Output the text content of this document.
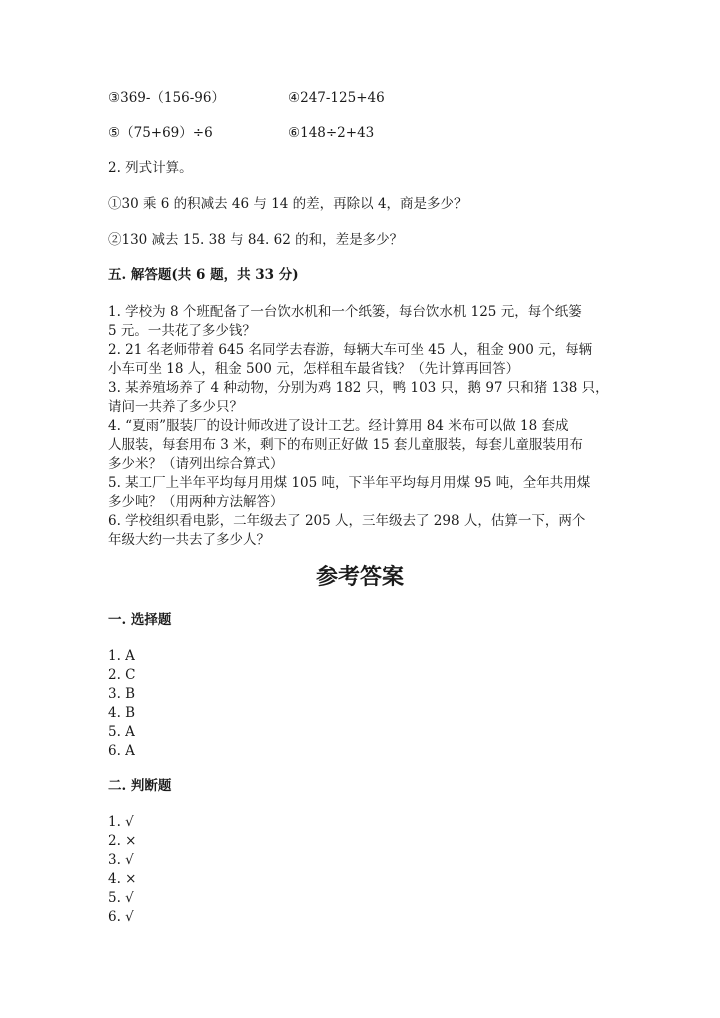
③369-（156-96）	④247-125+46
⑤（75+69）÷6	⑥148÷2+43
2. 列式计算。
①30 乘 6 的积减去 46 与 14 的差，再除以 4，商是多少？
②130 减去 15. 38 与 84. 62 的和，差是多少？
五. 解答题(共 6 题，共 33 分)
1. 学校为 8 个班配备了一台饮水机和一个纸篓，每台饮水机 125 元，每个纸篓
5 元。一共花了多少钱？
2. 21 名老师带着 645 名同学去春游，每辆大车可坐 45 人，租金 900 元，每辆
小车可坐 18 人，租金 500 元，怎样租车最省钱？（先计算再回答）
3. 某养殖场养了 4 种动物，分别为鸡 182 只，鸭 103 只，鹅 97 只和猪 138 只，
请问一共养了多少只？
4. “夏雨”服装厂的设计师改进了设计工艺。经计算用 84 米布可以做 18 套成
人服装，每套用布 3 米，剩下的布则正好做 15 套儿童服装，每套儿童服装用布
多少米？（请列出综合算式）
5. 某工厂上半年平均每月用煤 105 吨，下半年平均每月用煤 95 吨，全年共用煤
多少吨？（用两种方法解答）
6. 学校组织看电影，二年级去了 205 人，三年级去了 298 人，估算一下，两个
年级大约一共去了多少人？
参考答案
一. 选择题
1. A
2. C
3. B
4. B
5. A
6. A
二. 判断题
1. √
2. ×
3. √
4. ×
5. √
6. √
